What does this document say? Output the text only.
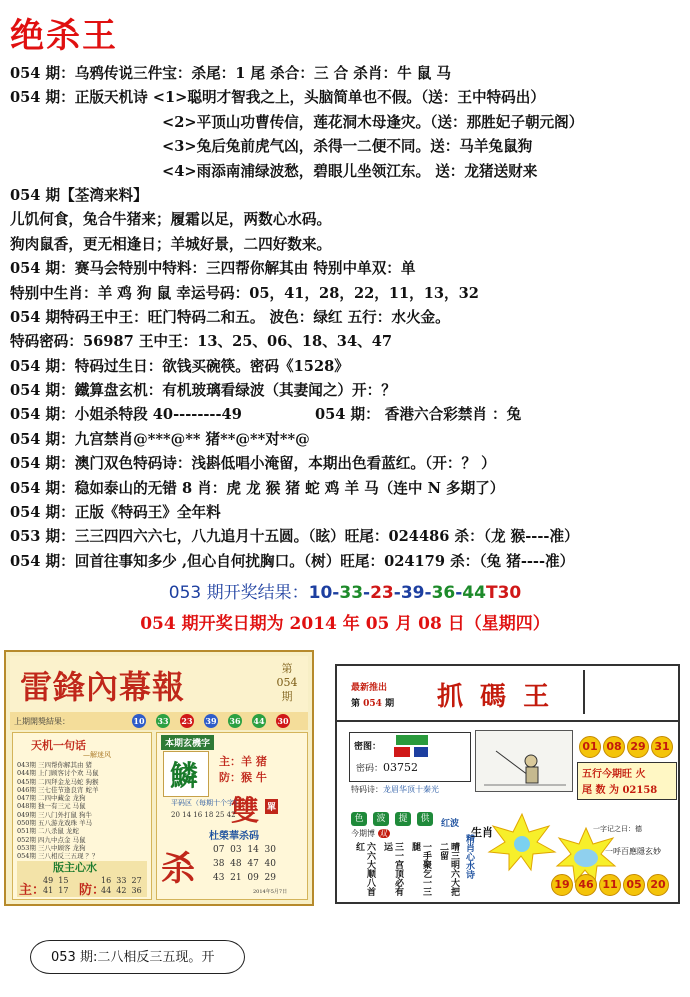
绝杀王
054 期：乌鸦传说三件宝：杀尾：1 尾 杀合：三 合 杀肖：牛 鼠 马
054 期：正版天机诗 <1>聪明才智我之上，头脑简单也不假。（送：王中特码出）
<2>平顶山功曹传信，莲花洞木母逢灾。（送：那胜妃子朝元阁）
<3>兔后兔前虎气凶，杀得一二便不同。送：马羊兔鼠狗
<4>雨添南浦绿波愁，碧眼儿坐领江东。 送：龙猪送财来
054 期【荃湾来料】
儿饥何食，兔合牛猪来；履霜以足，两数心水码。
狗肉鼠香，更无相逢日；羊城好景，二四好数来。
054 期：赛马会特别中特料：三四帮你解其由 特别中单双：单
特别中生肖：羊 鸡 狗 鼠 幸运号码：05，41，28，22，11，13，32
054 期特码王中王：旺门特码二和五。 波色：绿红 五行：水火金。
特码密码：56987 王中王：13、25、06、18、34、47
054 期：特码过生日：欲钱买碗筷。密码《1528》
054 期：鐵算盘玄机：有机玻璃看绿波（其妻闻之）开：？
054 期：小姐杀特段 40--------49	054 期： 香港六合彩禁肖 ：兔
054 期：九宫禁肖@***@** 猪**@**对**@
054 期：澳门双色特码诗：浅斟低唱小淹留，本期出色看蓝红。（开：？ ）
054 期：稳如泰山的无错 8 肖：虎 龙 猴 猪 蛇 鸡 羊 马（连中 N 多期了）
054 期：正版《特码王》全年料
053 期：三三四四六六七，八九追月十五圆。（眩）旺尾：024486 杀：（龙 猴----准）
054 期：回首往事知多少 ,但心自何扰胸口。（树）旺尾：024179 杀：（兔 猪----准）
053 期开奖结果：10-33-23-39-36-44T30
054 期开奖日期为 2014 年 05 月 08 日（星期四）
雷鋒內幕報	第
054
期
上期開獎結果：	10 33 23 39 36 44 30
天机一句话
—解迷风
043期 三四帮你解其由 猪
044期 上门顾客讨个欢 马鼠
045期 二四拜金龙马蛇 狗猴
046期 三七佳节逢良宵 蛇羊
047期 二四中藏金 龙狗
048期 独一有三元 马鼠
049期 三八门外打鼠 狗牛
050期 五八游龙戏珠 羊马
051期 二八杀鼠 龙蛇
052期 四九中点金 马鼠
053期 三八中顾客 龙狗
054期 三八相反三五现 ？？
版主心水
主：
49  15
41  17 防：
16  33  27
44  42  36
本期玄機字
鱗 主：羊 猪
防：猴 牛
雙 單
平码区（每期十个字）
20 14 16 18 25 42
杀
杜榮華杀码
07  03  14  30
38  48  47  40
43  21  09  29
2014年5月7日
最新推出
第 054 期 抓 碼 王
密图：
密码：03752
特码诗：龙眉华顶十秦光
01 08 29 31
五行今期旺 火
尾 数 为 02158
色	波	提	供	红波
今期博 双
六六大顺八首红	三一宫顶必有运	一手聚乞一三腿	晴三明六大把二留	精肖心水诗
生肖	一字记之曰：德
一呼百應隱玄妙
19 46 11 05 20
053 期:二八相反三五现。开
